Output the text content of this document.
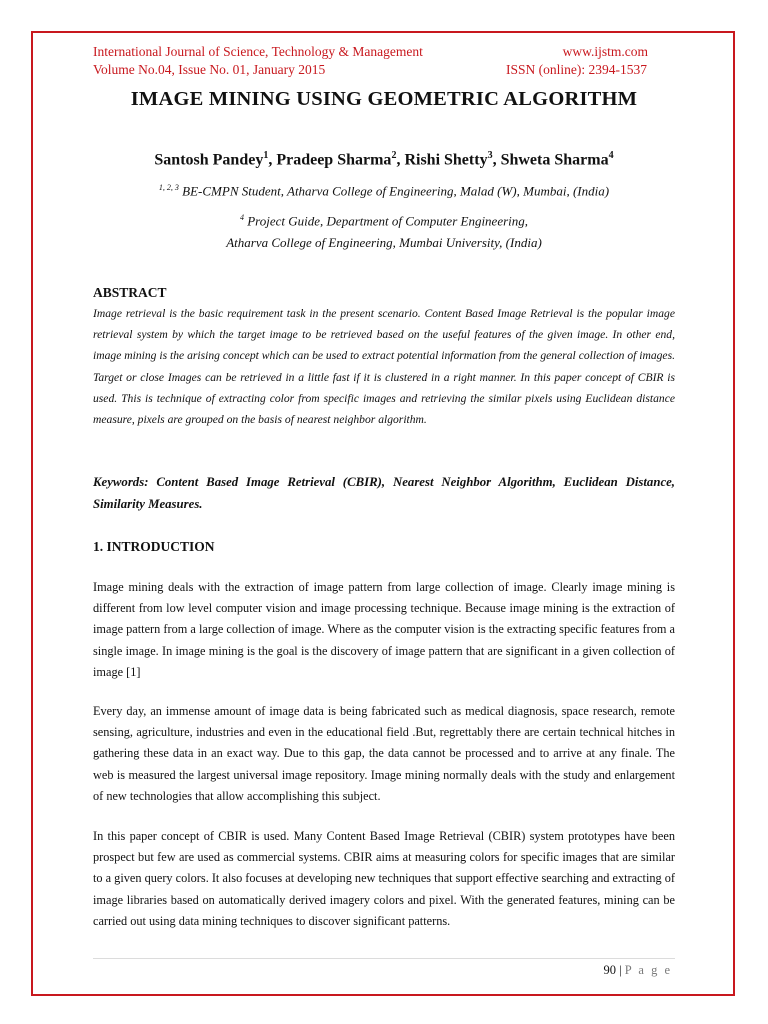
International Journal of Science, Technology & Management	www.ijstm.com
Volume No.04, Issue No. 01, January 2015	ISSN (online): 2394-1537
IMAGE MINING USING GEOMETRIC ALGORITHM
Santosh Pandey$^1$, Pradeep Sharma$^2$, Rishi Shetty$^3$, Shweta Sharma$^4$
$^{1, 2, 3}$ BE-CMPN Student, Atharva College of Engineering, Malad (W), Mumbai, (India)
$^4$ Project Guide, Department of Computer Engineering,
Atharva College of Engineering, Mumbai University, (India)
ABSTRACT
Image retrieval is the basic requirement task in the present scenario. Content Based Image Retrieval is the popular image retrieval system by which the target image to be retrieved based on the useful features of the given image. In other end, image mining is the arising concept which can be used to extract potential information from the general collection of images. Target or close Images can be retrieved in a little fast if it is clustered in a right manner. In this paper concept of CBIR is used. This is technique of extracting color from specific images and retrieving the similar pixels using Euclidean distance measure, pixels are grouped on the basis of nearest neighbor algorithm.
Keywords: Content Based Image Retrieval (CBIR), Nearest Neighbor Algorithm, Euclidean Distance, Similarity Measures.
1. INTRODUCTION
Image mining deals with the extraction of image pattern from large collection of image. Clearly image mining is different from low level computer vision and image processing technique. Because image mining is the extraction of image pattern from a large collection of image. Where as the computer vision is the extracting specific features from a single image. In image mining is the goal is the discovery of image pattern that are significant in a given collection of image [1]
Every day, an immense amount of image data is being fabricated such as medical diagnosis, space research, remote sensing, agriculture, industries and even in the educational field .But, regrettably there are certain technical hitches in gathering these data in an exact way. Due to this gap, the data cannot be processed and to arrive at any finale. The web is measured the largest universal image repository. Image mining normally deals with the study and enlargement of new technologies that allow accomplishing this subject.
In this paper concept of CBIR is used. Many Content Based Image Retrieval (CBIR) system prototypes have been prospect but few are used as commercial systems. CBIR aims at measuring colors for specific images that are similar to a given query colors. It also focuses at developing new techniques that support effective searching and extracting of image libraries based on automatically derived imagery colors and pixel. With the generated features, mining can be carried out using data mining techniques to discover significant patterns.
90 | P a g e
